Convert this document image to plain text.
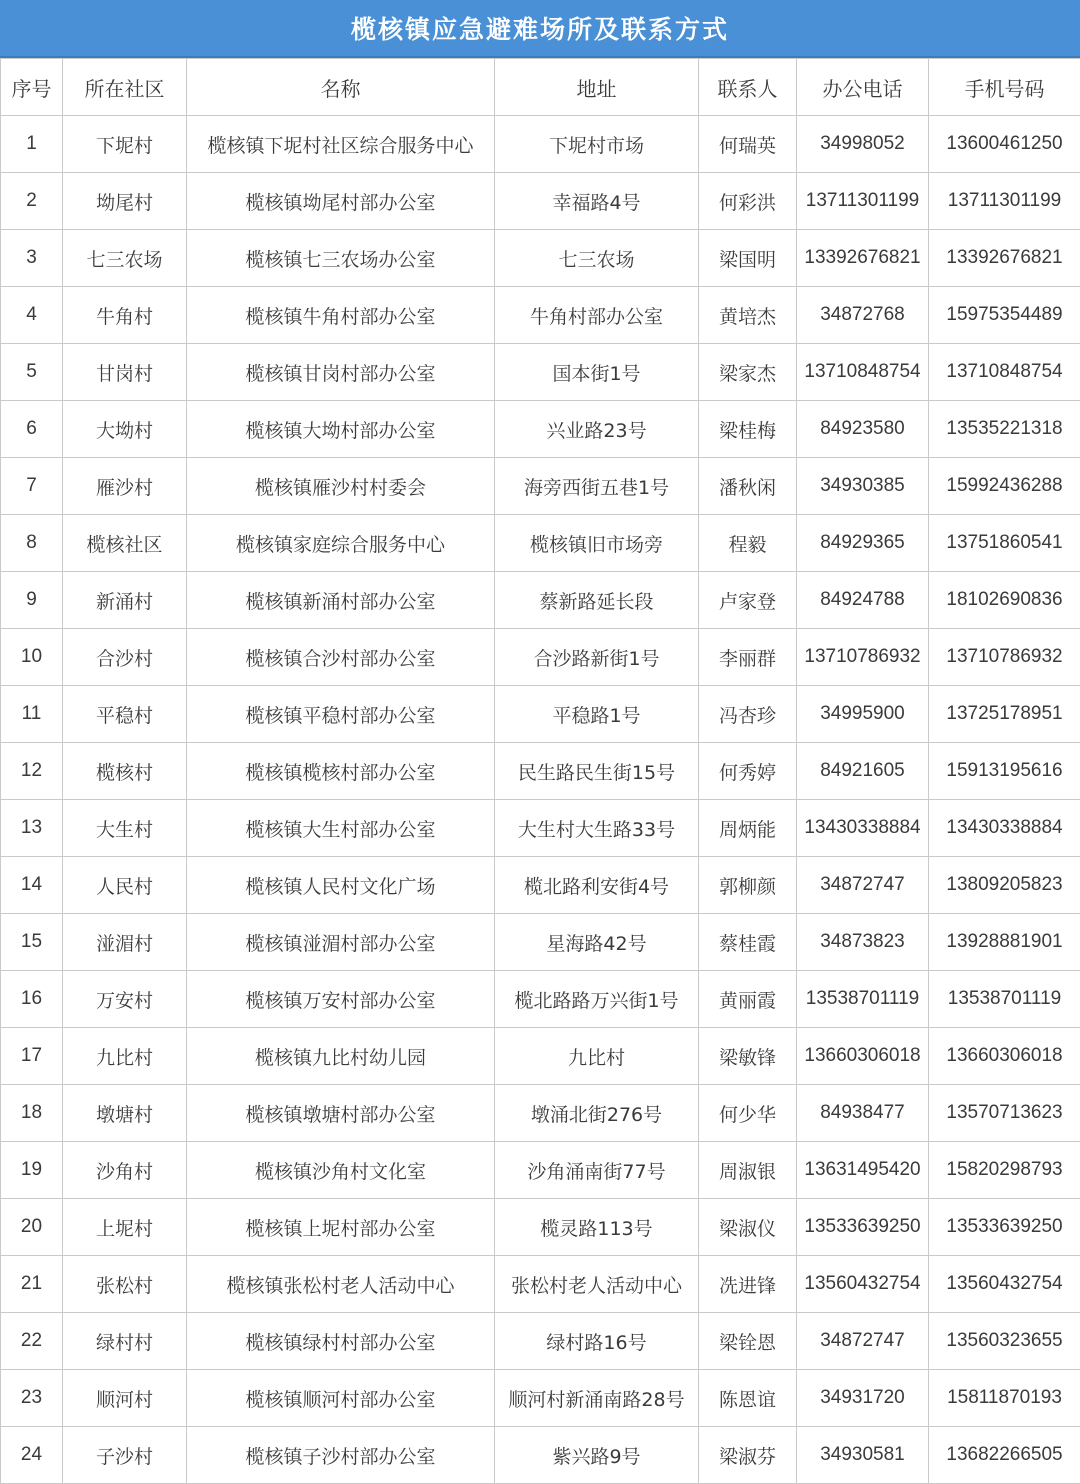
榄核镇应急避难场所及联系方式
序号	所在社区	名称	地址	联系人	办公电话	手机号码
1	下坭村	榄核镇下坭村社区综合服务中心	下坭村市场	何瑞英	34998052	13600461250
2	坳尾村	榄核镇坳尾村部办公室	幸福路4号	何彩洪	13711301199	13711301199
3	七三农场	榄核镇七三农场办公室	七三农场	梁国明	13392676821	13392676821
4	牛角村	榄核镇牛角村部办公室	牛角村部办公室	黄培杰	34872768	15975354489
5	甘岗村	榄核镇甘岗村部办公室	国本街1号	梁家杰	13710848754	13710848754
6	大坳村	榄核镇大坳村部办公室	兴业路23号	梁桂梅	84923580	13535221318
7	雁沙村	榄核镇雁沙村村委会	海旁西街五巷1号	潘秋闲	34930385	15992436288
8	榄核社区	榄核镇家庭综合服务中心	榄核镇旧市场旁	程毅	84929365	13751860541
9	新涌村	榄核镇新涌村部办公室	蔡新路延长段	卢家登	84924788	18102690836
10	合沙村	榄核镇合沙村部办公室	合沙路新街1号	李丽群	13710786932	13710786932
11	平稳村	榄核镇平稳村部办公室	平稳路1号	冯杏珍	34995900	13725178951
12	榄核村	榄核镇榄核村部办公室	民生路民生街15号	何秀婷	84921605	15913195616
13	大生村	榄核镇大生村部办公室	大生村大生路33号	周炳能	13430338884	13430338884
14	人民村	榄核镇人民村文化广场	榄北路利安街4号	郭柳颜	34872747	13809205823
15	湴湄村	榄核镇湴湄村部办公室	星海路42号	蔡桂霞	34873823	13928881901
16	万安村	榄核镇万安村部办公室	榄北路路万兴街1号	黄丽霞	13538701119	13538701119
17	九比村	榄核镇九比村幼儿园	九比村	梁敏锋	13660306018	13660306018
18	墩塘村	榄核镇墩塘村部办公室	墩涌北街276号	何少华	84938477	13570713623
19	沙角村	榄核镇沙角村文化室	沙角涌南街77号	周淑银	13631495420	15820298793
20	上坭村	榄核镇上坭村部办公室	榄灵路113号	梁淑仪	13533639250	13533639250
21	张松村	榄核镇张松村老人活动中心	张松村老人活动中心	冼进锋	13560432754	13560432754
22	绿村村	榄核镇绿村村部办公室	绿村路16号	梁铨恩	34872747	13560323655
23	顺河村	榄核镇顺河村部办公室	顺河村新涌南路28号	陈恩谊	34931720	15811870193
24	子沙村	榄核镇子沙村部办公室	紫兴路9号	梁淑芬	34930581	13682266505
